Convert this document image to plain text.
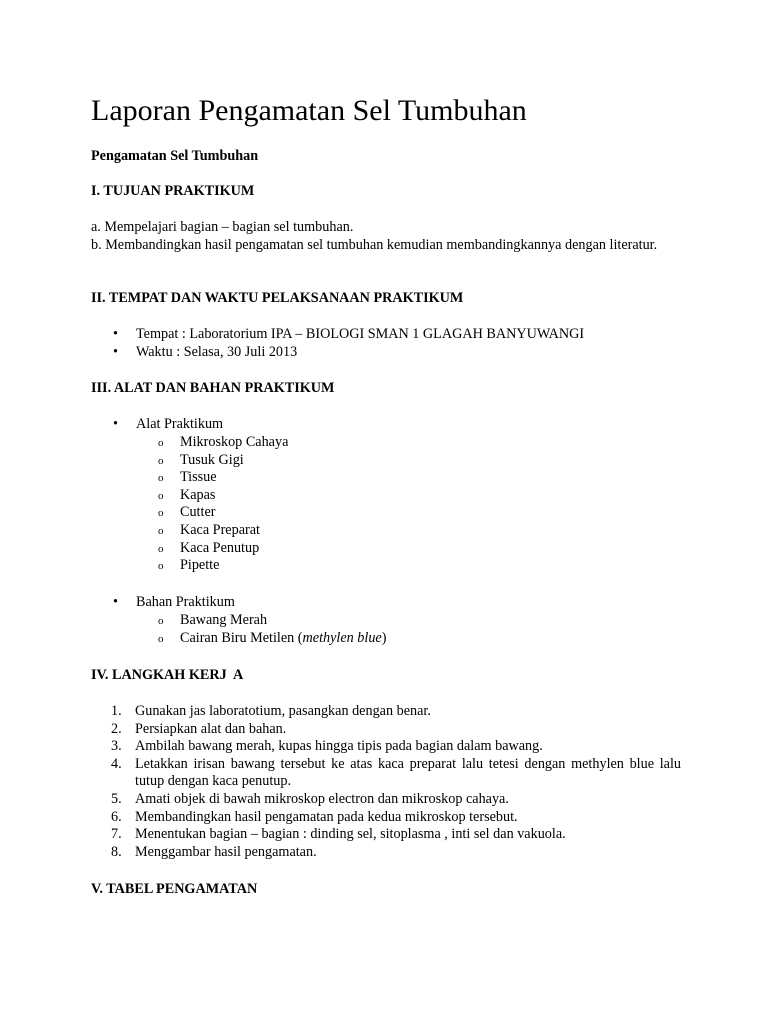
Laporan Pengamatan Sel Tumbuhan

Pengamatan Sel Tumbuhan

I. TUJUAN PRAKTIKUM

a. Mempelajari bagian – bagian sel tumbuhan.

b. Membandingkan hasil pengamatan sel tumbuhan kemudian membandingkannya dengan literatur.

II. TEMPAT DAN WAKTU PELAKSANAAN PRAKTIKUM

• Tempat : Laboratorium IPA – BIOLOGI SMAN 1 GLAGAH BANYUWANGI
• Waktu : Selasa, 30 Juli 2013

III. ALAT DAN BAHAN PRAKTIKUM

• Alat Praktikum
o Mikroskop Cahaya
o Tusuk Gigi
o Tissue
o Kapas
o Cutter
o Kaca Preparat
o Kaca Penutup
o Pipette
• Bahan Praktikum
o Bawang Merah
o Cairan Biru Metilen (methylen blue)

IV. LANGKAH KERJ  A

1. Gunakan jas laboratotium, pasangkan dengan benar.
2. Persiapkan alat dan bahan.
3. Ambilah bawang merah, kupas hingga tipis pada bagian dalam bawang.
4. Letakkan irisan bawang tersebut ke atas kaca preparat lalu tetesi dengan methylen blue lalu tutup dengan kaca penutup.
5. Amati objek di bawah mikroskop electron dan mikroskop cahaya.
6. Membandingkan hasil pengamatan pada kedua mikroskop tersebut.
7. Menentukan bagian – bagian : dinding sel, sitoplasma , inti sel dan vakuola.
8. Menggambar hasil pengamatan.

V. TABEL PENGAMATAN
